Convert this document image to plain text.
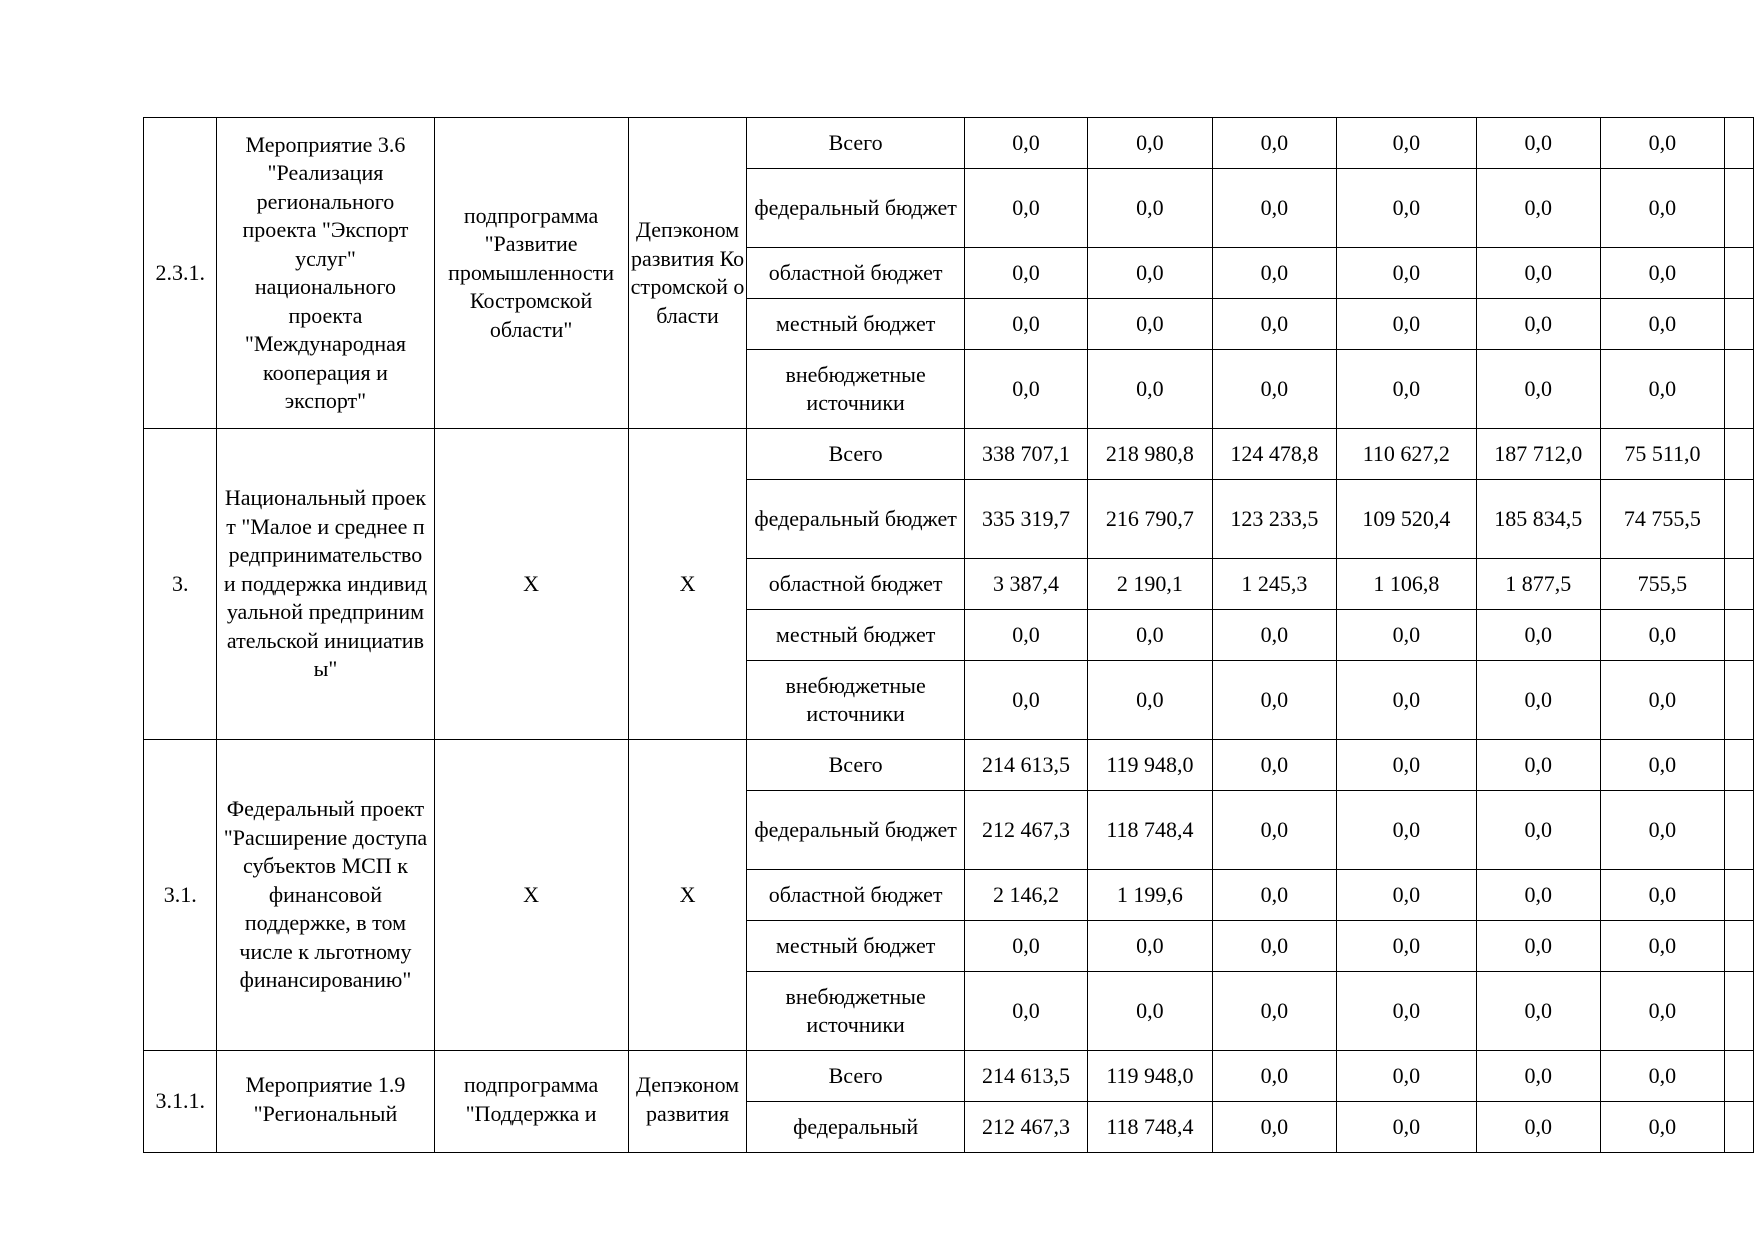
2.3.1.	Мероприятие 3.6 "Реализация регионального проекта "Экспорт услуг" национального проекта "Международная кооперация и экспорт"	подпрограмма "Развитие промышленности Костромской области"	Депэкономразвития Костромской области	Всего	0,0	0,0	0,0	0,0	0,0	0,0	
				федеральный бюджет	0,0	0,0	0,0	0,0	0,0	0,0	
				областной бюджет	0,0	0,0	0,0	0,0	0,0	0,0	
				местный бюджет	0,0	0,0	0,0	0,0	0,0	0,0	
				внебюджетные источники	0,0	0,0	0,0	0,0	0,0	0,0	
3.	Национальный проект "Малое и среднее предпринимательство и поддержка индивидуальной предпринимательской инициативы"	X	X	Всего	338 707,1	218 980,8	124 478,8	110 627,2	187 712,0	75 511,0	
				федеральный бюджет	335 319,7	216 790,7	123 233,5	109 520,4	185 834,5	74 755,5	
				областной бюджет	3 387,4	2 190,1	1 245,3	1 106,8	1 877,5	755,5	
				местный бюджет	0,0	0,0	0,0	0,0	0,0	0,0	
				внебюджетные источники	0,0	0,0	0,0	0,0	0,0	0,0	
3.1.	Федеральный проект "Расширение доступа субъектов МСП к финансовой поддержке, в том числе к льготному финансированию"	X	X	Всего	214 613,5	119 948,0	0,0	0,0	0,0	0,0	
				федеральный бюджет	212 467,3	118 748,4	0,0	0,0	0,0	0,0	
				областной бюджет	2 146,2	1 199,6	0,0	0,0	0,0	0,0	
				местный бюджет	0,0	0,0	0,0	0,0	0,0	0,0	
				внебюджетные источники	0,0	0,0	0,0	0,0	0,0	0,0	
3.1.1.	Мероприятие 1.9 "Региональный	подпрограмма "Поддержка и	Депэкономразвития	Всего	214 613,5	119 948,0	0,0	0,0	0,0	0,0	
				федеральный	212 467,3	118 748,4	0,0	0,0	0,0	0,0	
